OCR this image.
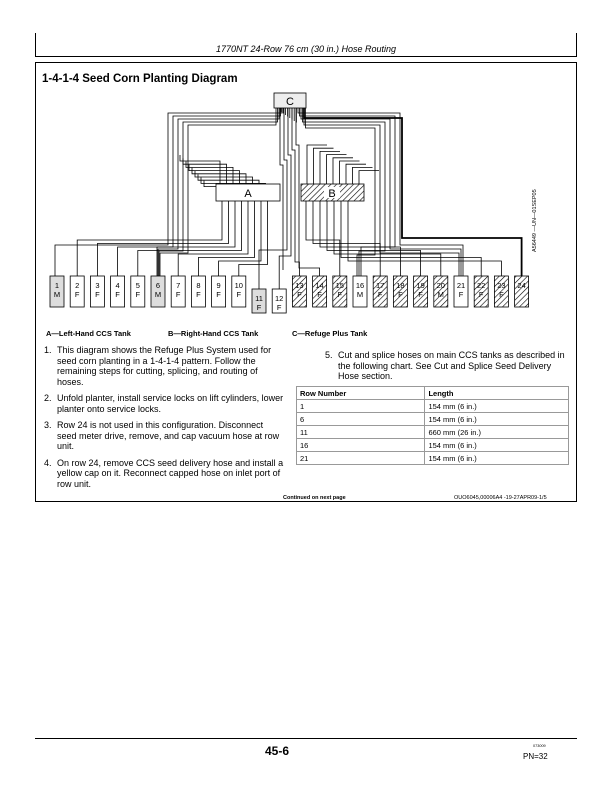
1770NT 24-Row 76 cm (30 in.) Hose Routing
1-4-1-4 Seed Corn Planting Diagram
C
A	B
1
M
2
F
3
F
4
F
5
F
6
M
7
F
8
F
9
F
10
F 11
F
12
F
13
F
14
F
15
F
16
M
17
F
18
F
19
F
20
M
21
F
22
F
23
F
24
A56449 —UN—01SEP05
A—Left-Hand CCS Tank	B—Right-Hand CCS Tank	C—Refuge Plus Tank
1. This diagram shows the Refuge Plus System used for seed corn planting in a 1-4-1-4 pattern. Follow the remaining steps for cutting, splicing, and routing of hoses.
2. Unfold planter, install service locks on lift cylinders, lower planter onto service locks.
3. Row 24 is not used in this configuration. Disconnect seed meter drive, remove, and cap vacuum hose at row unit.
4. On row 24, remove CCS seed delivery hose and install a yellow cap on it. Reconnect capped hose on inlet port of row unit.
5. Cut and splice hoses on main CCS tanks as described in the following chart. See Cut and Splice Seed Delivery Hose section.
Row Number	Length
1	154 mm (6 in.)
6	154 mm (6 in.)
11	660 mm (26 in.)
16	154 mm (6 in.)
21	154 mm (6 in.)
Continued on next page	OUO6045,00006A4 -19-27APR09-1/5
45-6	073009
PN=32
